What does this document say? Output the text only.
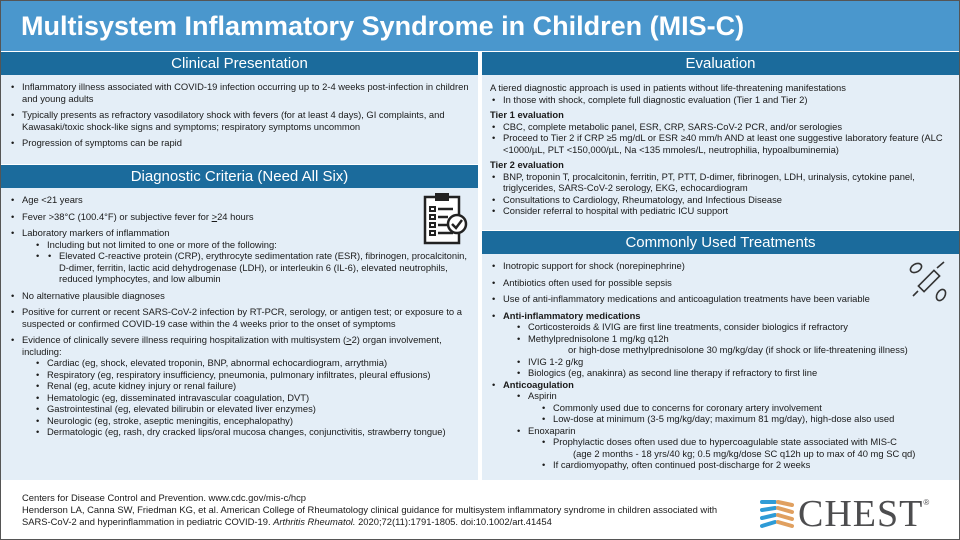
Multisystem Inflammatory Syndrome in Children (MIS-C)
Clinical Presentation
• Inflammatory illness associated with COVID-19 infection occurring up to 2-4 weeks post-infection in children and young adults
• Typically presents as refractory vasodilatory shock with fevers (for at least 4 days), GI complaints, and Kawasaki/toxic shock-like signs and symptoms; respiratory symptoms uncommon
• Progression of symptoms can be rapid
Diagnostic Criteria (Need All Six)
• Age <21 years
• Fever >38°C (100.4°F) or subjective fever for >24 hours
• Laboratory markers of inflammation
• Including but not limited to one or more of the following:
• • Elevated C-reactive protein (CRP), erythrocyte sedimentation rate (ESR), fibrinogen, procalcitonin, D-dimer, ferritin, lactic acid dehydrogenase (LDH), or interleukin 6 (IL-6), elevated neutrophils, reduced lymphocytes, and low albumin
• No alternative plausible diagnoses
• Positive for current or recent SARS-CoV-2 infection by RT-PCR, serology, or antigen test; or exposure to a suspected or confirmed COVID-19 case within the 4 weeks prior to the onset of symptoms
• Evidence of clinically severe illness requiring hospitalization with multisystem (>2) organ involvement, including:
• Cardiac (eg, shock, elevated troponin, BNP, abnormal echocardiogram, arrythmia)
• Respiratory (eg, respiratory insufficiency, pneumonia, pulmonary infiltrates, pleural effusions)
• Renal (eg, acute kidney injury or renal failure)
• Hematologic (eg, disseminated intravascular coagulation, DVT)
• Gastrointestinal (eg, elevated bilirubin or elevated liver enzymes)
• Neurologic (eg, stroke, aseptic meningitis, encephalopathy)
• Dermatologic (eg, rash, dry cracked lips/oral mucosa changes, conjunctivitis, strawberry tongue)
Evaluation
A tiered diagnostic approach is used in patients without life-threatening manifestations
• In those with shock, complete full diagnostic evaluation (Tier 1 and Tier 2)
Tier 1 evaluation
• CBC, complete metabolic panel, ESR, CRP, SARS-CoV-2 PCR, and/or serologies
• Proceed to Tier 2 if CRP ≥5 mg/dL or ESR ≥40 mm/h AND at least one suggestive laboratory feature (ALC <1000/µL, PLT <150,000/µL, Na <135 mmoles/L, neutrophilia, hypoalbuminemia)
Tier 2 evaluation
• BNP, troponin T, procalcitonin, ferritin, PT, PTT, D-dimer, fibrinogen, LDH, urinalysis, cytokine panel, triglycerides, SARS-CoV-2 serology, EKG, echocardiogram
• Consultations to Cardiology, Rheumatology, and Infectious Disease
• Consider referral to hospital with pediatric ICU support
Commonly Used Treatments
• Inotropic support for shock (norepinephrine)
• Antibiotics often used for possible sepsis
• Use of anti-inflammatory medications and anticoagulation treatments have been variable
• Anti-inflammatory medications
• Corticosteroids & IVIG are first line treatments, consider biologics if refractory
• Methylprednisolone 1 mg/kg q12h
or high-dose methylprednisolone 30 mg/kg/day (if shock or life-threatening illness)
• IVIG 1-2 g/kg
• Biologics (eg, anakinra) as second line therapy if refractory to first line
• Anticoagulation
• Aspirin
• Commonly used due to concerns for coronary artery involvement
• Low-dose at minimum (3-5 mg/kg/day; maximum 81 mg/day), high-dose also used
• Enoxaparin
• Prophylactic doses often used due to hypercoagulable state associated with MIS-C
(age 2 months - 18 yrs/40 kg; 0.5 mg/kg/dose SC q12h up to max of 40 mg SC qd)
• If cardiomyopathy, often continued post-discharge for 2 weeks
Centers for Disease Control and Prevention. www.cdc.gov/mis-c/hcp
Henderson LA, Canna SW, Friedman KG, et al. American College of Rheumatology clinical guidance for multisystem inflammatory syndrome in children associated with SARS-CoV-2 and hyperinflammation in pediatric COVID-19. Arthritis Rheumatol. 2020;72(11):1791-1805. doi:10.1002/art.41454	CHEST®
